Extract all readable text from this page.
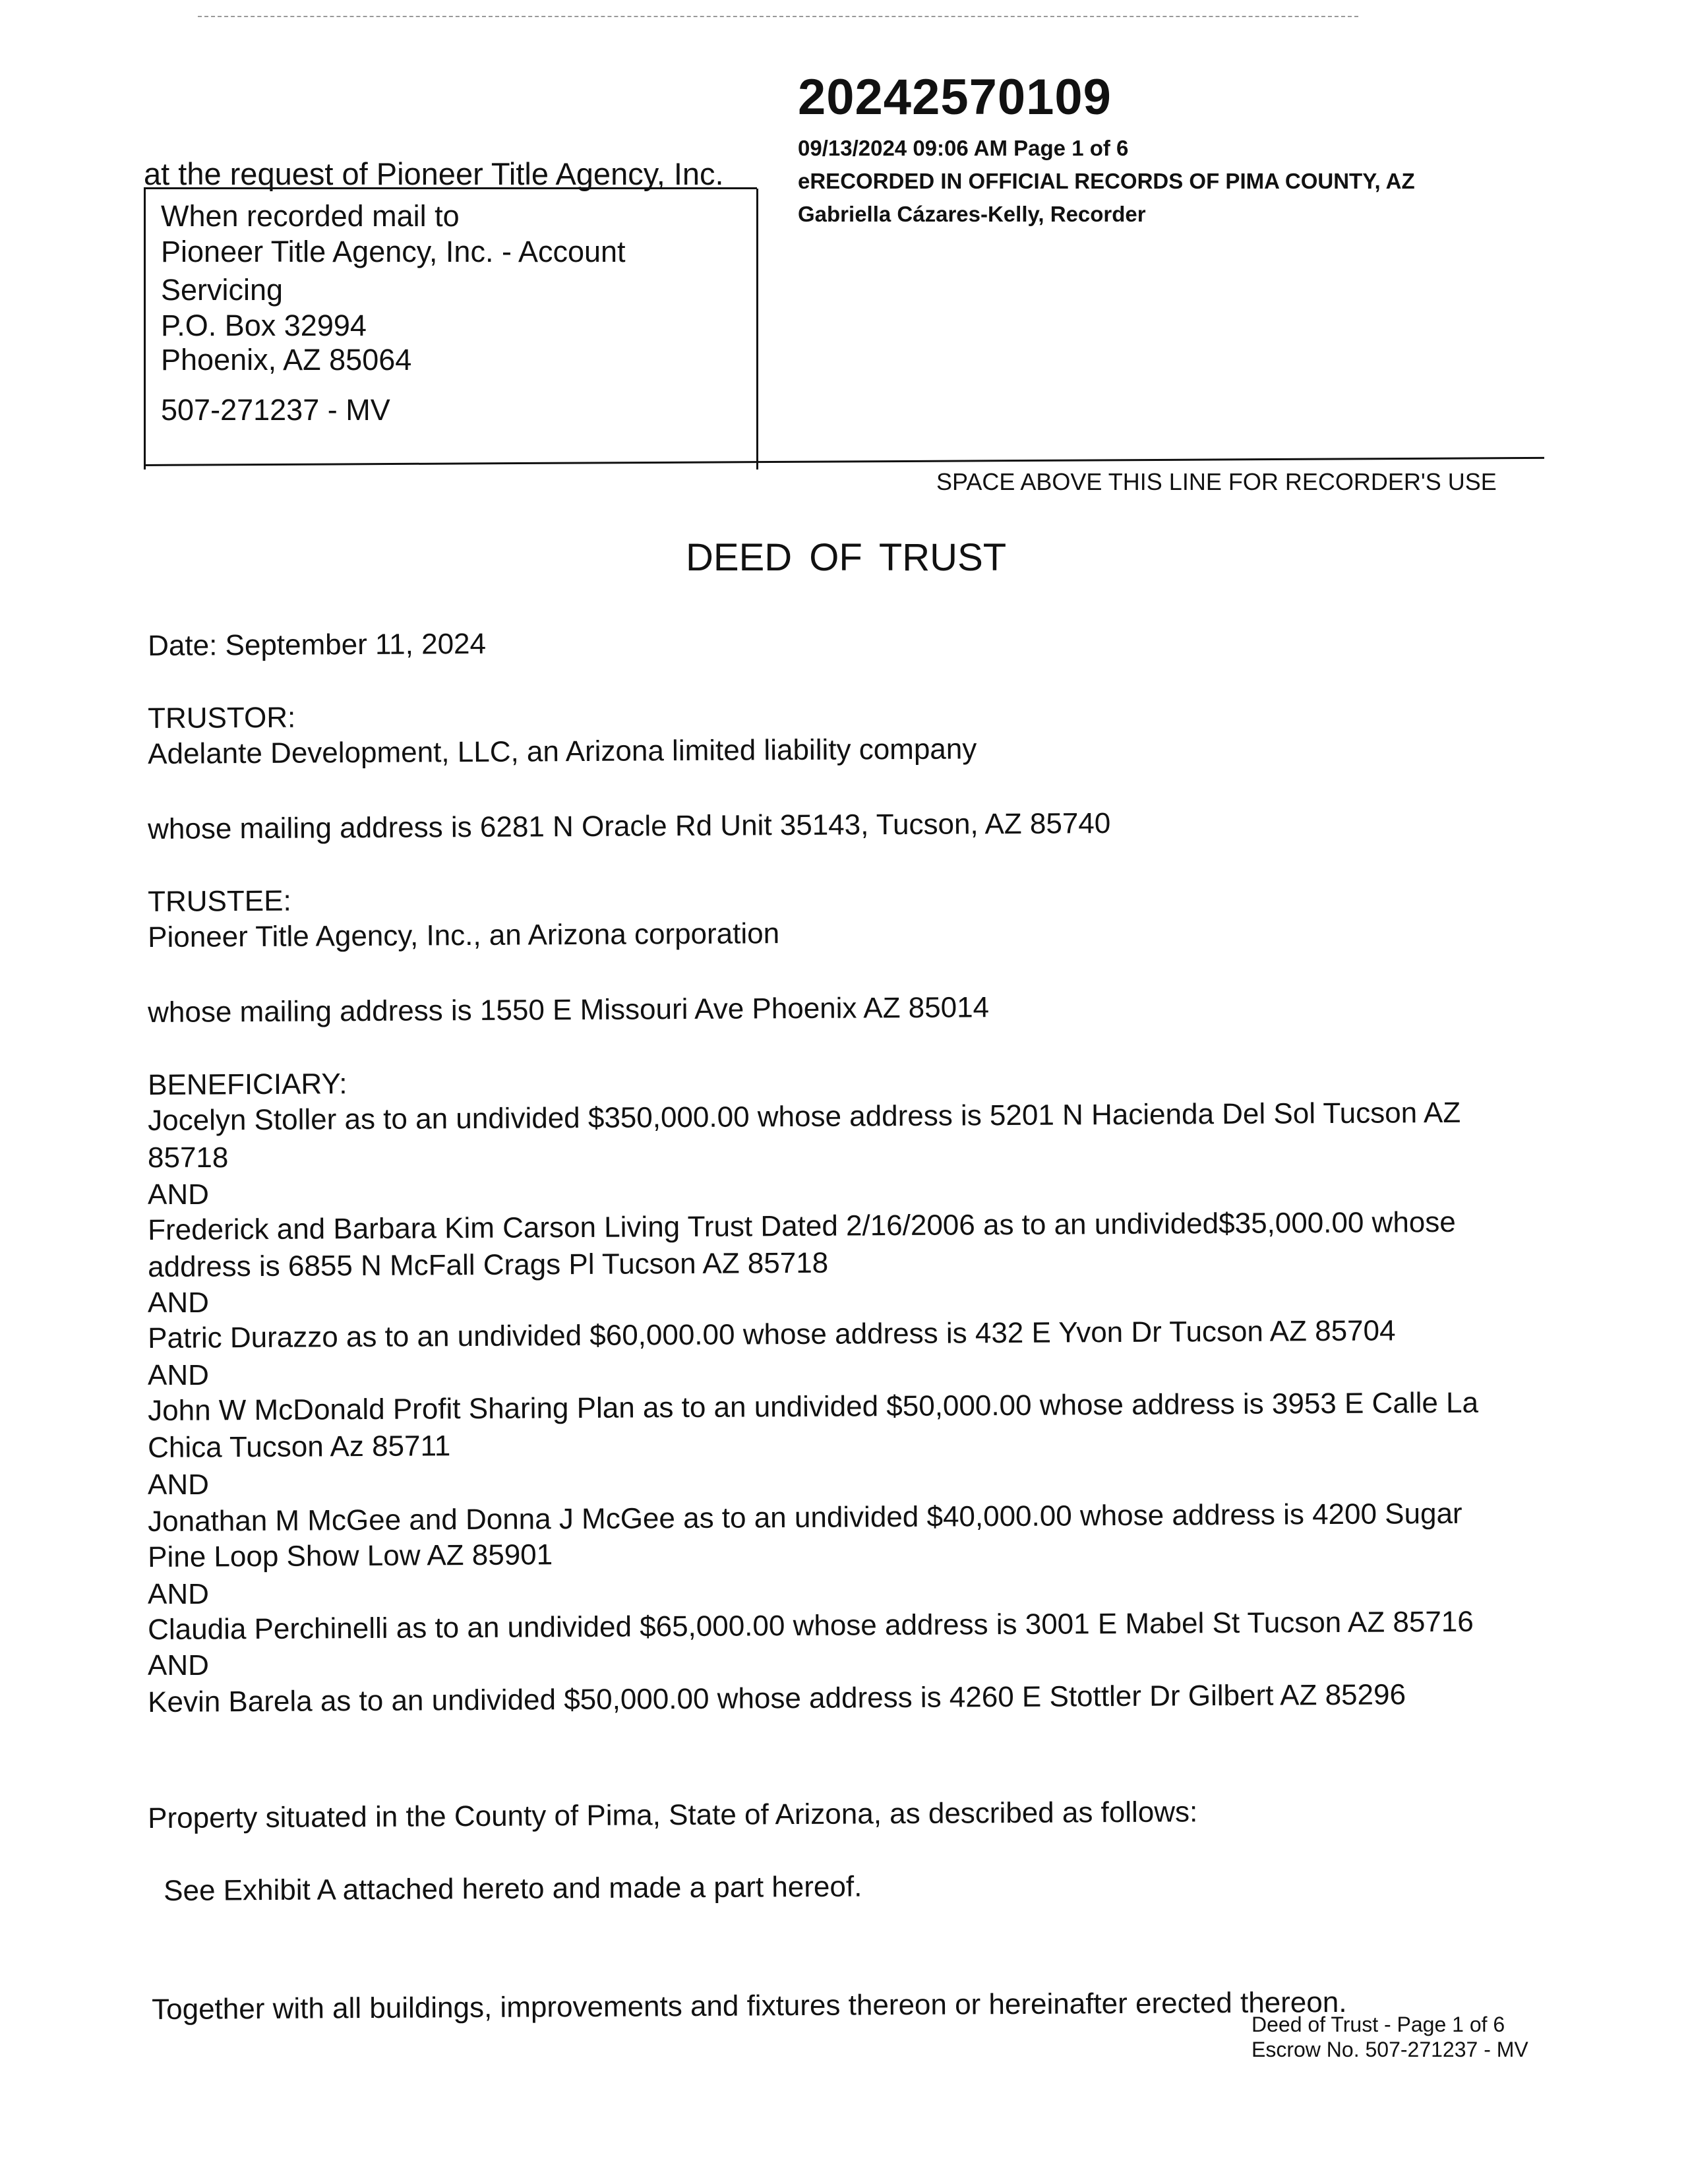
20242570109
09/13/2024 09:06 AM Page 1 of 6
eRECORDED IN OFFICIAL RECORDS OF PIMA COUNTY, AZ
Gabriella Cázares-Kelly, Recorder
at the request of Pioneer Title Agency, Inc.
When recorded mail to
Pioneer Title Agency, Inc. - Account
Servicing
P.O. Box 32994
Phoenix, AZ 85064
507-271237 - MV
SPACE ABOVE THIS LINE FOR RECORDER'S USE
DEED OF TRUST
Date: September 11, 2024
TRUSTOR:
Adelante Development, LLC, an Arizona limited liability company
whose mailing address is 6281 N Oracle Rd Unit 35143, Tucson, AZ 85740
TRUSTEE:
Pioneer Title Agency, Inc., an Arizona corporation
whose mailing address is 1550 E Missouri Ave Phoenix AZ 85014
BENEFICIARY:
Jocelyn Stoller as to an undivided $350,000.00 whose address is 5201 N Hacienda Del Sol Tucson AZ
85718
AND
Frederick and Barbara Kim Carson Living Trust Dated 2/16/2006 as to an undivided$35,000.00 whose
address is 6855 N McFall Crags Pl Tucson AZ 85718
AND
Patric Durazzo as to an undivided $60,000.00 whose address is 432 E Yvon Dr Tucson AZ 85704
AND
John W McDonald Profit Sharing Plan as to an undivided $50,000.00 whose address is 3953 E Calle La
Chica Tucson Az 85711
AND
Jonathan M McGee and Donna J McGee as to an undivided $40,000.00 whose address is 4200 Sugar
Pine Loop Show Low AZ 85901
AND
Claudia Perchinelli as to an undivided $65,000.00 whose address is 3001 E Mabel St Tucson AZ 85716
AND
Kevin Barela as to an undivided $50,000.00 whose address is 4260 E Stottler Dr Gilbert AZ 85296
Property situated in the County of Pima, State of Arizona, as described as follows:
See Exhibit A attached hereto and made a part hereof.
Together with all buildings, improvements and fixtures thereon or hereinafter erected thereon.
Deed of Trust - Page 1 of 6
Escrow No. 507-271237 - MV
